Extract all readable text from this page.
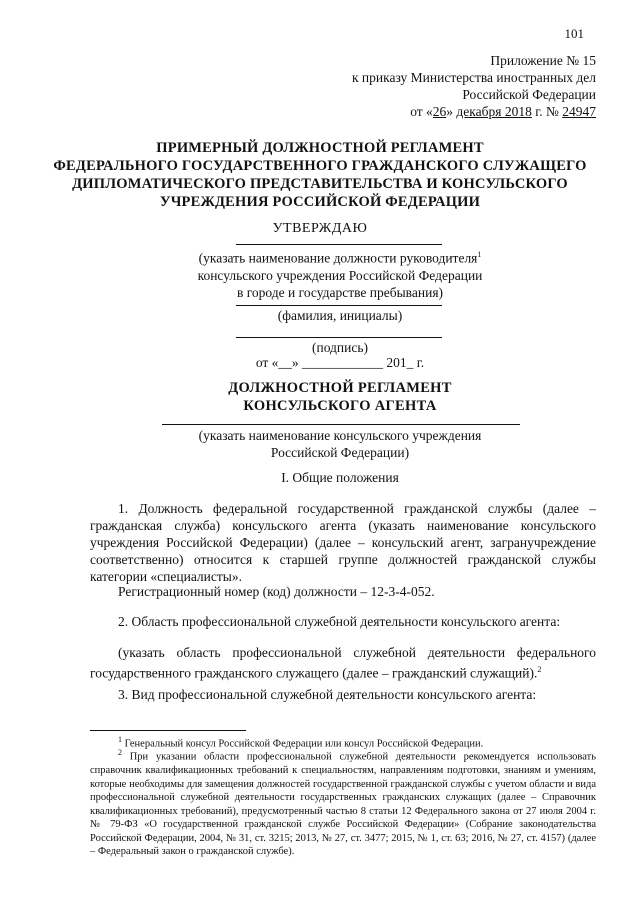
101
Приложение № 15
к приказу Министерства иностранных дел
Российской Федерации
от «26» декабря 2018 г. № 24947
ПРИМЕРНЫЙ ДОЛЖНОСТНОЙ РЕГЛАМЕНТ
ФЕДЕРАЛЬНОГО ГОСУДАРСТВЕННОГО ГРАЖДАНСКОГО СЛУЖАЩЕГО
ДИПЛОМАТИЧЕСКОГО ПРЕДСТАВИТЕЛЬСТВА И КОНСУЛЬСКОГО
УЧРЕЖДЕНИЯ РОССИЙСКОЙ ФЕДЕРАЦИИ
УТВЕРЖДАЮ
(указать наименование должности руководителя$^1$
консульского учреждения Российской Федерации
в городе и государстве пребывания)
(фамилия, инициалы)
(подпись)
от «__» ____________ 201_ г.
ДОЛЖНОСТНОЙ РЕГЛАМЕНТ
КОНСУЛЬСКОГО АГЕНТА
(указать наименование консульского учреждения
Российской Федерации)
I. Общие положения
1. Должность федеральной государственной гражданской службы (далее – гражданская служба) консульского агента (указать наименование консульского учреждения Российской Федерации) (далее – консульский агент, загранучреждение соответственно) относится к старшей группе должностей гражданской службы категории «специалисты».
Регистрационный номер (код) должности – 12-3-4-052.
2. Область профессиональной служебной деятельности консульского агента:
(указать область профессиональной служебной деятельности федерального государственного гражданского служащего (далее – гражданский служащий).$^2$
3. Вид профессиональной служебной деятельности консульского агента:
$^1$ Генеральный консул Российской Федерации или консул Российской Федерации.
$^2$ При указании области профессиональной служебной деятельности рекомендуется использовать справочник квалификационных требований к специальностям, направлениям подготовки, знаниям и умениям, которые необходимы для замещения должностей государственной гражданской службы с учетом области и вида профессиональной служебной деятельности государственных гражданских служащих (далее – Справочник квалификационных требований), предусмотренный частью 8 статьи 12 Федерального закона от 27 июля 2004 г. № 79-ФЗ «О государственной гражданской службе Российской Федерации» (Собрание законодательства Российской Федерации, 2004, № 31, ст. 3215; 2013, № 27, ст. 3477; 2015, № 1, ст. 63; 2016, № 27, ст. 4157) (далее – Федеральный закон о гражданской службе).
